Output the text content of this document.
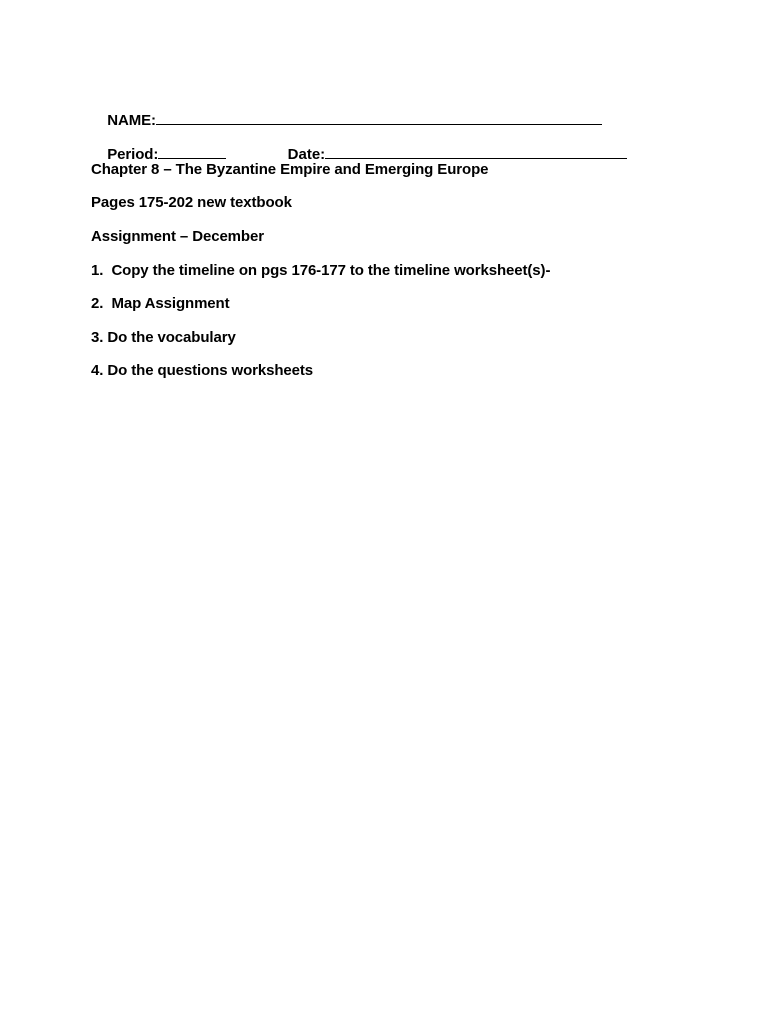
NAME:

Period:
	Date:

Chapter 8 – The Byzantine Empire and Emerging Europe
Pages 175-202 new textbook
Assignment – December
1.  Copy the timeline on pgs 176-177 to the timeline worksheet(s)-
2.  Map Assignment
3. Do the vocabulary
4. Do the questions worksheets
